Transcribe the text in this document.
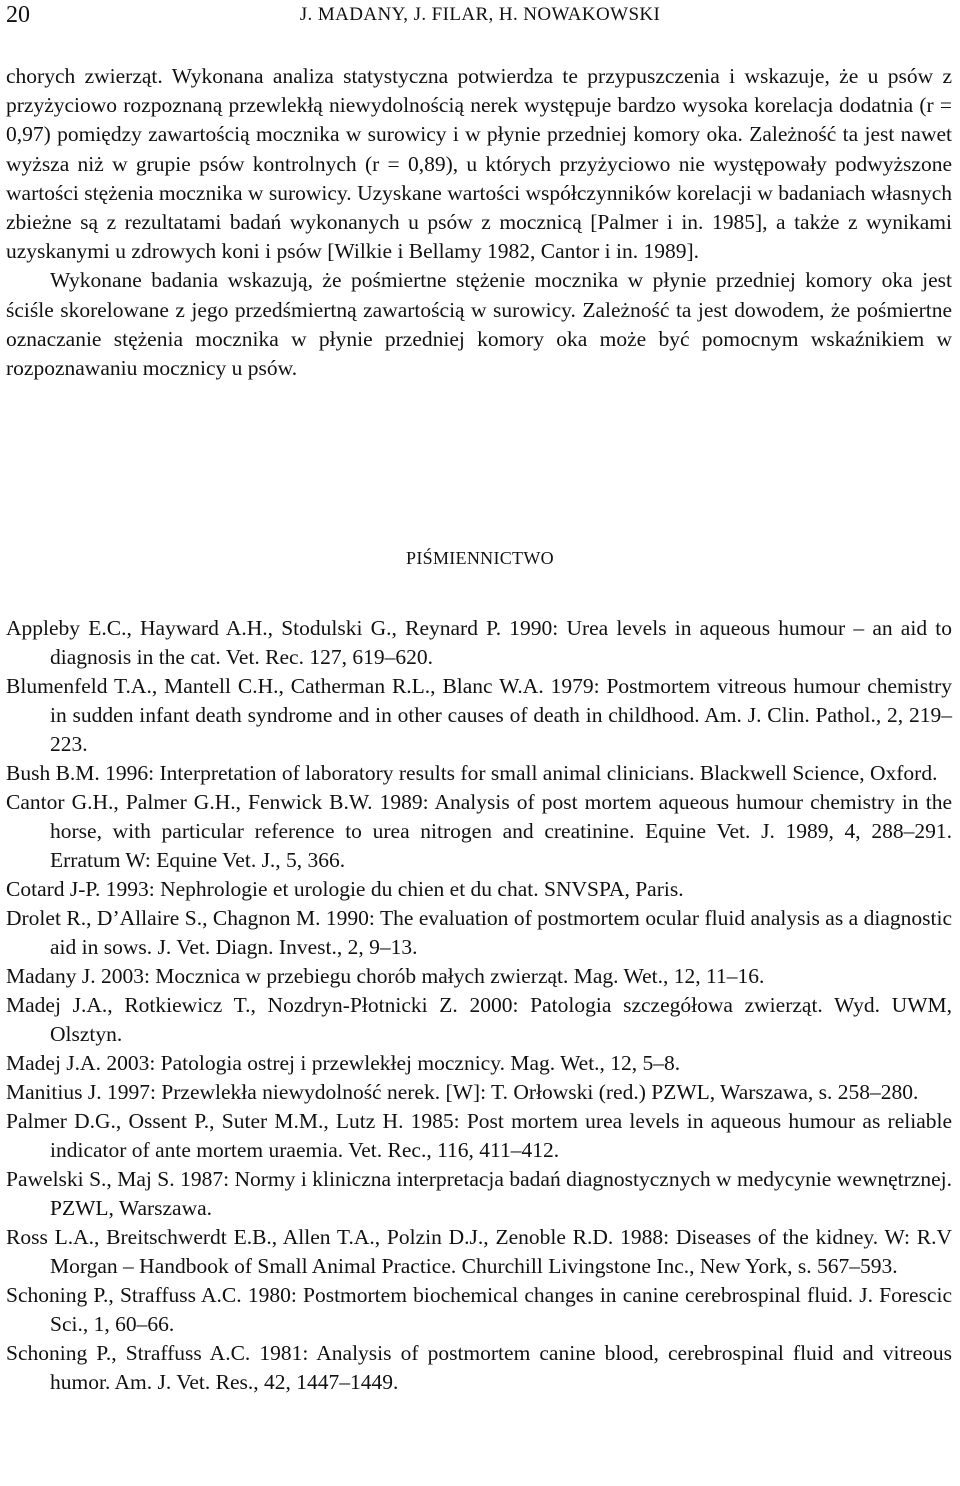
20	J. MADANY, J. FILAR, H. NOWAKOWSKI

chorych zwierząt. Wykonana analiza statystyczna potwierdza te przypuszczenia i wskazuje, że u psów z przyżyciowo rozpoznaną przewlekłą niewydolnością nerek występuje bardzo wysoka korelacja dodatnia (r = 0,97) pomiędzy zawartością mocznika w surowicy i w płynie przedniej komory oka. Zależność ta jest nawet wyższa niż w grupie psów kontrolnych (r = 0,89), u których przyżyciowo nie występowały podwyższone wartości stężenia mocznika w surowicy. Uzyskane wartości współczynników korelacji w badaniach własnych zbieżne są z rezultatami badań wykonanych u psów z mocznicą [Palmer i in. 1985], a także z wynikami uzyskanymi u zdrowych koni i psów [Wilkie i Bellamy 1982, Cantor i in. 1989].

Wykonane badania wskazują, że pośmiertne stężenie mocznika w płynie przedniej komory oka jest ściśle skorelowane z jego przedśmiertną zawartością w surowicy. Zależność ta jest dowodem, że pośmiertne oznaczanie stężenia mocznika w płynie przedniej komory oka może być pomocnym wskaźnikiem w rozpoznawaniu mocznicy u psów.

PIŚMIENNICTWO

Appleby E.C., Hayward A.H., Stodulski G., Reynard P. 1990: Urea levels in aqueous humour – an aid to diagnosis in the cat. Vet. Rec. 127, 619–620.

Blumenfeld T.A., Mantell C.H., Catherman R.L., Blanc W.A. 1979: Postmortem vitreous humour chemistry in sudden infant death syndrome and in other causes of death in childhood. Am. J. Clin. Pathol., 2, 219–223.

Bush B.M. 1996: Interpretation of laboratory results for small animal clinicians. Blackwell Science, Oxford.

Cantor G.H., Palmer G.H., Fenwick B.W. 1989: Analysis of post mortem aqueous humour chemistry in the horse, with particular reference to urea nitrogen and creatinine. Equine Vet. J. 1989, 4, 288–291. Erratum W: Equine Vet. J., 5, 366.

Cotard J-P. 1993: Nephrologie et urologie du chien et du chat. SNVSPA, Paris.

Drolet R., D’Allaire S., Chagnon M. 1990: The evaluation of postmortem ocular fluid analysis as a diagnostic aid in sows. J. Vet. Diagn. Invest., 2, 9–13.

Madany J. 2003: Mocznica w przebiegu chorób małych zwierząt. Mag. Wet., 12, 11–16.

Madej J.A., Rotkiewicz T., Nozdryn-Płotnicki Z. 2000: Patologia szczegółowa zwierząt. Wyd. UWM, Olsztyn.

Madej J.A. 2003: Patologia ostrej i przewlekłej mocznicy. Mag. Wet., 12, 5–8.

Manitius J. 1997: Przewlekła niewydolność nerek. [W]: T. Orłowski (red.) PZWL, Warszawa, s. 258–280.

Palmer D.G., Ossent P., Suter M.M., Lutz H. 1985: Post mortem urea levels in aqueous humour as reliable indicator of ante mortem uraemia. Vet. Rec., 116, 411–412.

Pawelski S., Maj S. 1987: Normy i kliniczna interpretacja badań diagnostycznych w medycynie wewnętrznej. PZWL, Warszawa.

Ross L.A., Breitschwerdt E.B., Allen T.A., Polzin D.J., Zenoble R.D. 1988: Diseases of the kidney. W: R.V Morgan – Handbook of Small Animal Practice. Churchill Livingstone Inc., New York, s. 567–593.

Schoning P., Straffuss A.C. 1980: Postmortem biochemical changes in canine cerebrospinal fluid. J. Forescic Sci., 1, 60–66.

Schoning P., Straffuss A.C. 1981: Analysis of postmortem canine blood, cerebrospinal fluid and vitreous humor. Am. J. Vet. Res., 42, 1447–1449.
